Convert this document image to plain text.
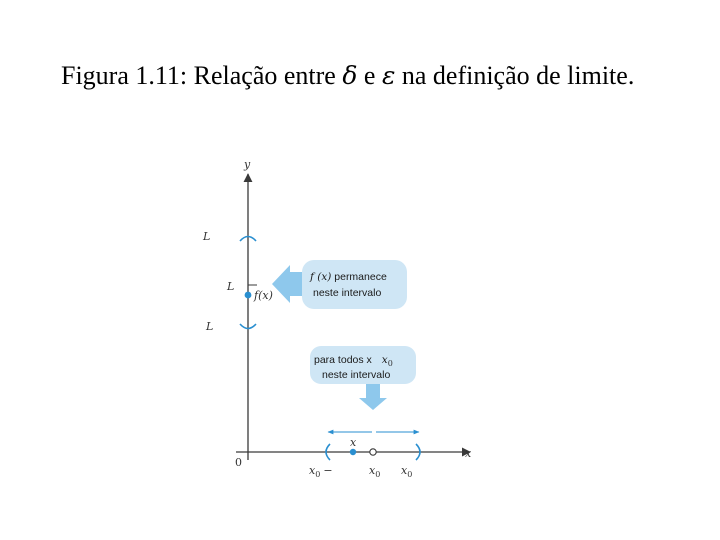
Figura 1.11: Relação entre δ e ε na definição de limite.
y
x
0
L
L
L
f(x)
f (x) permanece
neste intervalo
para todos x x0
neste intervalo
x
x0 −	x0 x0
